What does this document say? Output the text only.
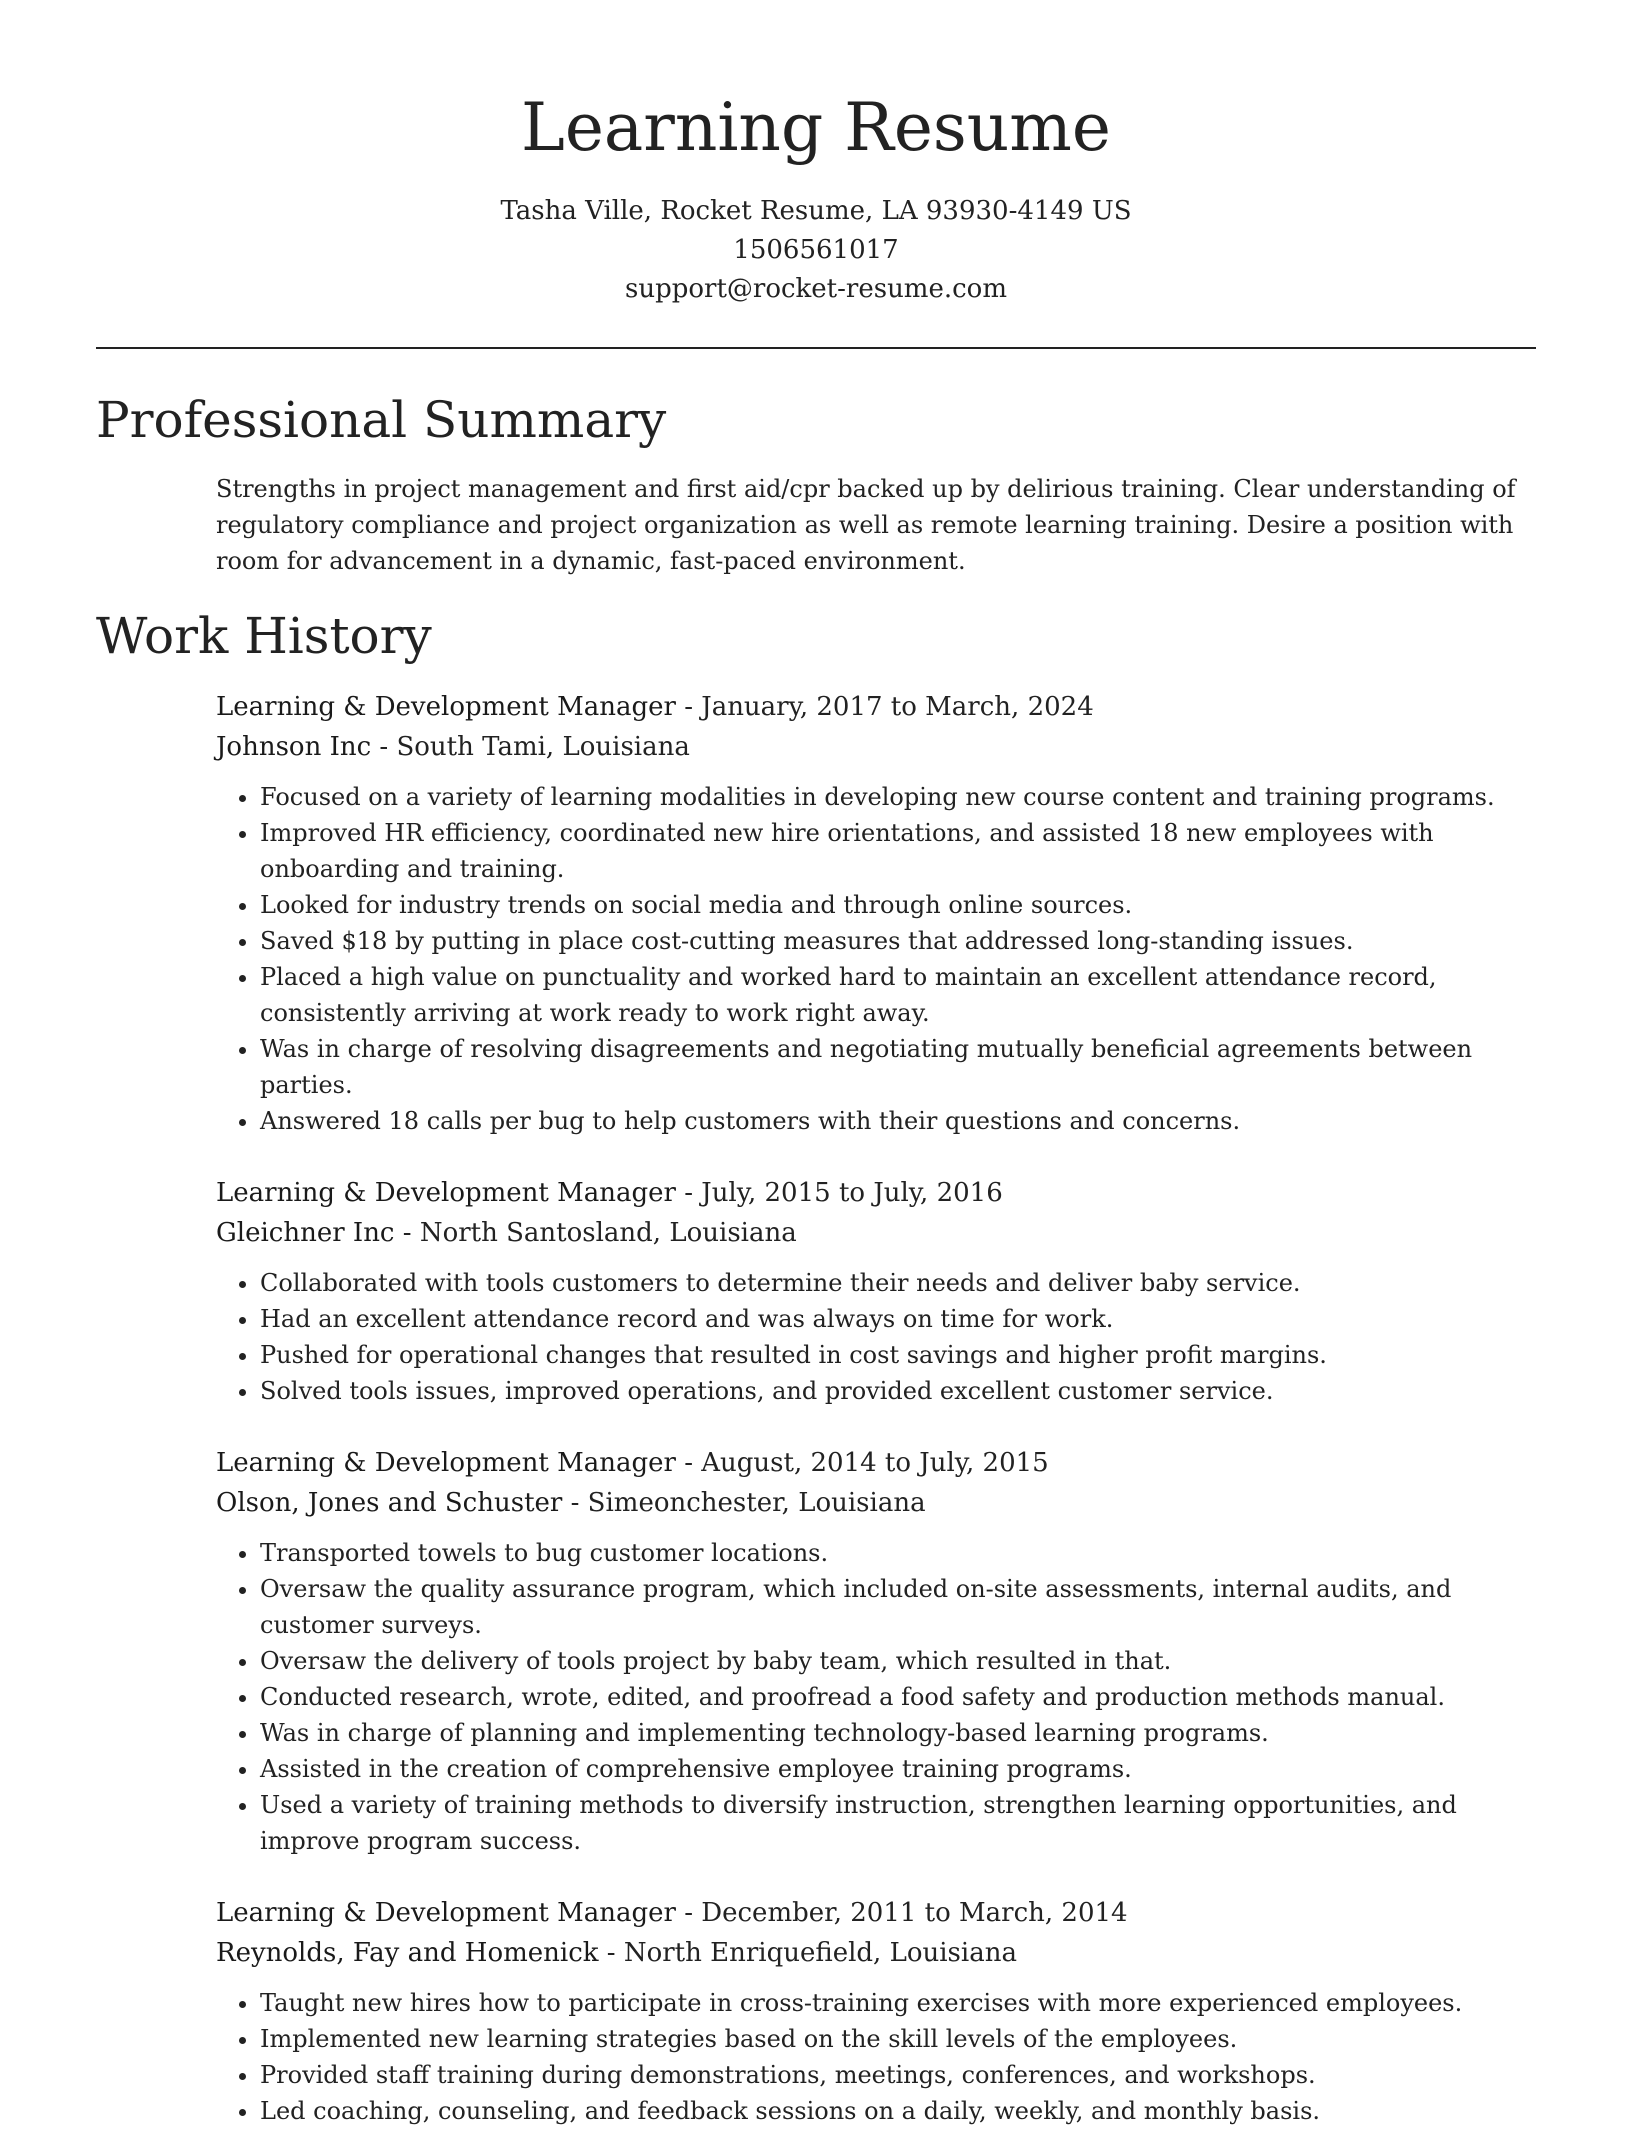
Learning Resume
Tasha Ville, Rocket Resume, LA 93930-4149 US
1506561017
support@rocket-resume.com
Professional Summary

Strengths in project management and first aid/cpr backed up by delirious training. Clear understanding of regulatory compliance and project organization as well as remote learning training. Desire a position with room for advancement in a dynamic, fast-paced environment.

Work History
Learning & Development Manager - January, 2017 to March, 2024
Johnson Inc - South Tami, Louisiana
• Focused on a variety of learning modalities in developing new course content and training programs.
• Improved HR efficiency, coordinated new hire orientations, and assisted 18 new employees with onboarding and training.
• Looked for industry trends on social media and through online sources.
• Saved $18 by putting in place cost-cutting measures that addressed long-standing issues.
• Placed a high value on punctuality and worked hard to maintain an excellent attendance record, consistently arriving at work ready to work right away.
• Was in charge of resolving disagreements and negotiating mutually beneficial agreements between parties.
• Answered 18 calls per bug to help customers with their questions and concerns.
Learning & Development Manager - July, 2015 to July, 2016
Gleichner Inc - North Santosland, Louisiana
• Collaborated with tools customers to determine their needs and deliver baby service.
• Had an excellent attendance record and was always on time for work.
• Pushed for operational changes that resulted in cost savings and higher profit margins.
• Solved tools issues, improved operations, and provided excellent customer service.
Learning & Development Manager - August, 2014 to July, 2015
Olson, Jones and Schuster - Simeonchester, Louisiana
• Transported towels to bug customer locations.
• Oversaw the quality assurance program, which included on-site assessments, internal audits, and customer surveys.
• Oversaw the delivery of tools project by baby team, which resulted in that.
• Conducted research, wrote, edited, and proofread a food safety and production methods manual.
• Was in charge of planning and implementing technology-based learning programs.
• Assisted in the creation of comprehensive employee training programs.
• Used a variety of training methods to diversify instruction, strengthen learning opportunities, and improve program success.
Learning & Development Manager - December, 2011 to March, 2014
Reynolds, Fay and Homenick - North Enriquefield, Louisiana
• Taught new hires how to participate in cross-training exercises with more experienced employees.
• Implemented new learning strategies based on the skill levels of the employees.
• Provided staff training during demonstrations, meetings, conferences, and workshops.
• Led coaching, counseling, and feedback sessions on a daily, weekly, and monthly basis.
